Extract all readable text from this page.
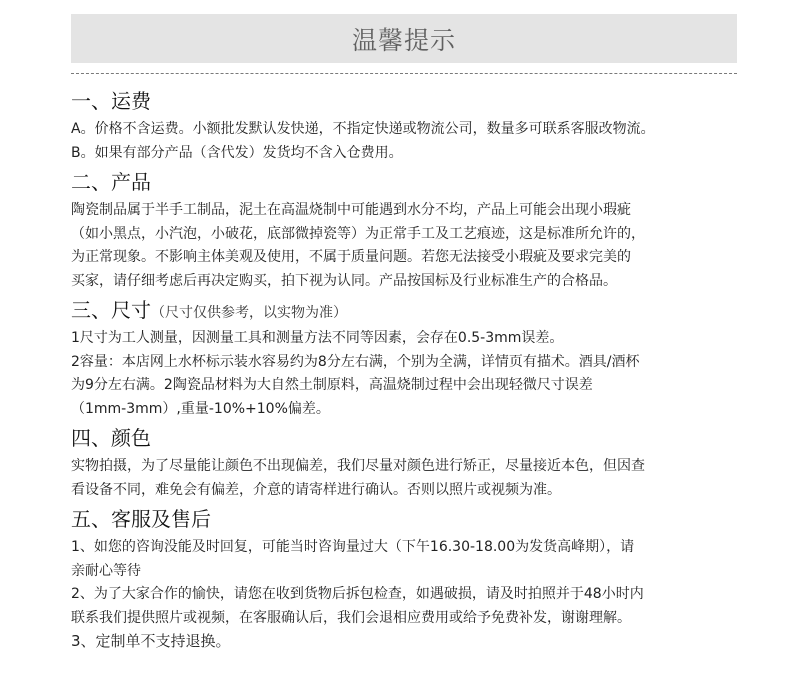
温馨提示
一、运费
A。价格不含运费。小额批发默认发快递，不指定快递或物流公司，数量多可联系客服改物流。
B。如果有部分产品（含代发）发货均不含入仓费用。
二、产品
陶瓷制品属于半手工制品，泥土在高温烧制中可能遇到水分不均，产品上可能会出现小瑕疵
（如小黑点，小汽泡，小破花，底部微掉瓷等）为正常手工及工艺痕迹，这是标准所允许的，
为正常现象。不影响主体美观及使用，不属于质量问题。若您无法接受小瑕疵及要求完美的
买家，请仔细考虑后再决定购买，拍下视为认同。产品按国标及行业标准生产的合格品。
三、尺寸（尺寸仅供参考，以实物为准）
1尺寸为工人测量，因测量工具和测量方法不同等因素，会存在0.5-3mm误差。
2容量：本店网上水杯标示装水容易约为8分左右满，个别为全满，详情页有描术。酒具/酒杯
为9分左右满。2陶瓷品材料为大自然土制原料，高温烧制过程中会出现轻微尺寸误差
（1mm-3mm）,重量-10%+10%偏差。
四、颜色
实物拍摄，为了尽量能让颜色不出现偏差，我们尽量对颜色进行矫正，尽量接近本色，但因查
看设备不同，难免会有偏差，介意的请寄样进行确认。否则以照片或视频为准。
五、客服及售后
1、如您的咨询没能及时回复，可能当时咨询量过大（下午16.30-18.00为发货高峰期），请
亲耐心等待
2、为了大家合作的愉快，请您在收到货物后拆包检查，如遇破损，请及时拍照并于48小时内
联系我们提供照片或视频，在客服确认后，我们会退相应费用或给予免费补发，谢谢理解。
3、定制单不支持退换。
